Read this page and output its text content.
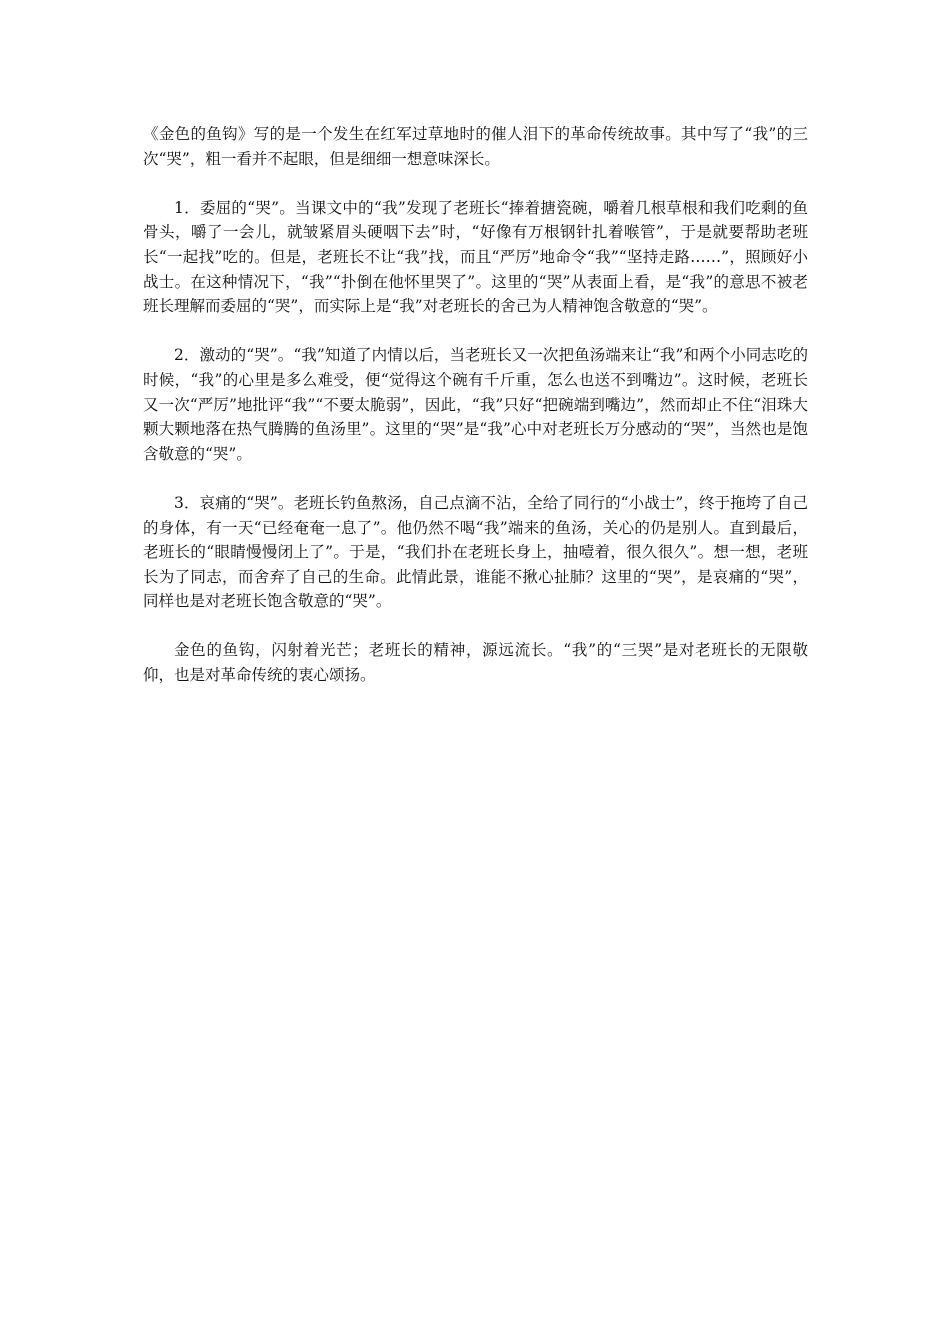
《金色的鱼钩》写的是一个发生在红军过草地时的催人泪下的革命传统故事。其中写了“我”的三次“哭”，粗一看并不起眼，但是细细一想意味深长。

1．委屈的“哭”。当课文中的“我”发现了老班长“捧着搪瓷碗，嚼着几根草根和我们吃剩的鱼骨头，嚼了一会儿，就皱紧眉头硬咽下去”时，“好像有万根钢针扎着喉管”，于是就要帮助老班长“一起找”吃的。但是，老班长不让“我”找，而且“严厉”地命令“我”“坚持走路……”，照顾好小战士。在这种情况下，“我”“扑倒在他怀里哭了”。这里的“哭”从表面上看，是“我”的意思不被老班长理解而委屈的“哭”，而实际上是“我”对老班长的舍己为人精神饱含敬意的“哭”。

2．激动的“哭”。“我”知道了内情以后，当老班长又一次把鱼汤端来让“我”和两个小同志吃的时候，“我”的心里是多么难受，便“觉得这个碗有千斤重，怎么也送不到嘴边”。这时候，老班长又一次“严厉”地批评“我”“不要太脆弱”，因此，“我”只好“把碗端到嘴边”，然而却止不住“泪珠大颗大颗地落在热气腾腾的鱼汤里”。这里的“哭”是“我”心中对老班长万分感动的“哭”，当然也是饱含敬意的“哭”。

3．哀痛的“哭”。老班长钓鱼熬汤，自己点滴不沾，全给了同行的“小战士”，终于拖垮了自己的身体，有一天“已经奄奄一息了”。他仍然不喝“我”端来的鱼汤，关心的仍是别人。直到最后，老班长的“眼睛慢慢闭上了”。于是，“我们扑在老班长身上，抽噎着，很久很久”。想一想，老班长为了同志，而舍弃了自己的生命。此情此景，谁能不揪心扯肺？这里的“哭”，是哀痛的“哭”，同样也是对老班长饱含敬意的“哭”。

金色的鱼钩，闪射着光芒；老班长的精神，源远流长。“我”的“三哭”是对老班长的无限敬仰，也是对革命传统的衷心颂扬。
